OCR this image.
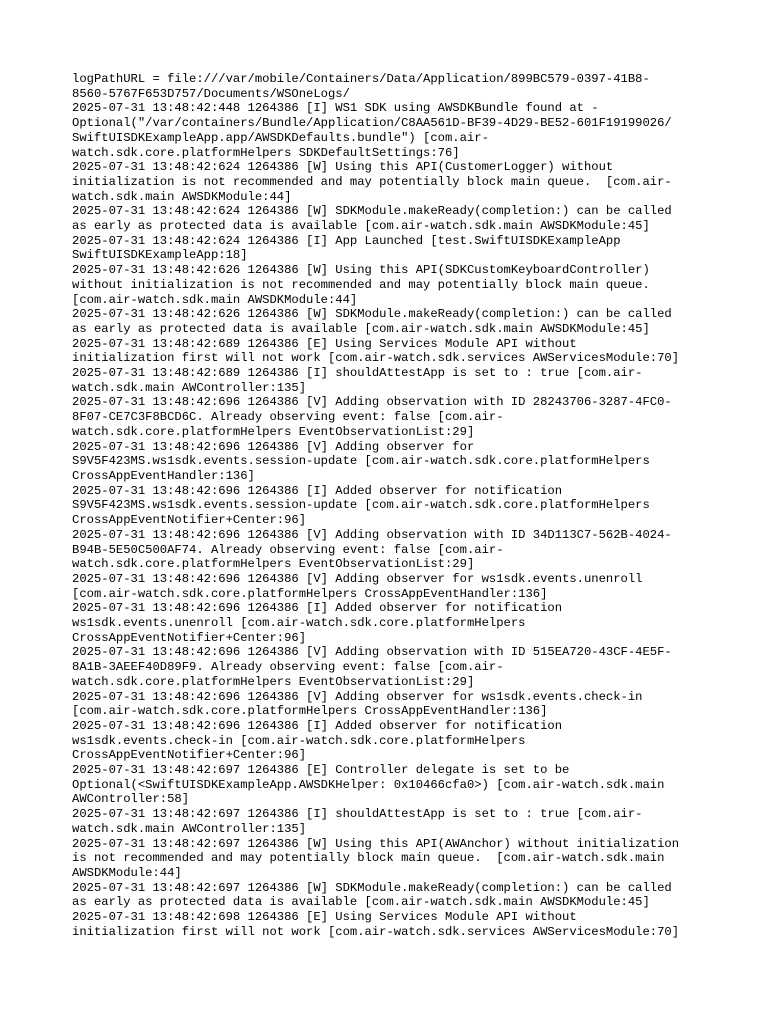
logPathURL = file:///var/mobile/Containers/Data/Application/899BC579-0397-41B8-
8560-5767F653D757/Documents/WSOneLogs/
2025-07-31 13:48:42:448 1264386 [I] WS1 SDK using AWSDKBundle found at -
Optional("/var/containers/Bundle/Application/C8AA561D-BF39-4D29-BE52-601F19199026/
SwiftUISDKExampleApp.app/AWSDKDefaults.bundle") [com.air-
watch.sdk.core.platformHelpers SDKDefaultSettings:76]
2025-07-31 13:48:42:624 1264386 [W] Using this API(CustomerLogger) without
initialization is not recommended and may potentially block main queue.  [com.air-
watch.sdk.main AWSDKModule:44]
2025-07-31 13:48:42:624 1264386 [W] SDKModule.makeReady(completion:) can be called
as early as protected data is available [com.air-watch.sdk.main AWSDKModule:45]
2025-07-31 13:48:42:624 1264386 [I] App Launched [test.SwiftUISDKExampleApp
SwiftUISDKExampleApp:18]
2025-07-31 13:48:42:626 1264386 [W] Using this API(SDKCustomKeyboardController)
without initialization is not recommended and may potentially block main queue.
[com.air-watch.sdk.main AWSDKModule:44]
2025-07-31 13:48:42:626 1264386 [W] SDKModule.makeReady(completion:) can be called
as early as protected data is available [com.air-watch.sdk.main AWSDKModule:45]
2025-07-31 13:48:42:689 1264386 [E] Using Services Module API without
initialization first will not work [com.air-watch.sdk.services AWServicesModule:70]
2025-07-31 13:48:42:689 1264386 [I] shouldAttestApp is set to : true [com.air-
watch.sdk.main AWController:135]
2025-07-31 13:48:42:696 1264386 [V] Adding observation with ID 28243706-3287-4FC0-
8F07-CE7C3F8BCD6C. Already observing event: false [com.air-
watch.sdk.core.platformHelpers EventObservationList:29]
2025-07-31 13:48:42:696 1264386 [V] Adding observer for
S9V5F423MS.ws1sdk.events.session-update [com.air-watch.sdk.core.platformHelpers
CrossAppEventHandler:136]
2025-07-31 13:48:42:696 1264386 [I] Added observer for notification
S9V5F423MS.ws1sdk.events.session-update [com.air-watch.sdk.core.platformHelpers
CrossAppEventNotifier+Center:96]
2025-07-31 13:48:42:696 1264386 [V] Adding observation with ID 34D113C7-562B-4024-
B94B-5E50C500AF74. Already observing event: false [com.air-
watch.sdk.core.platformHelpers EventObservationList:29]
2025-07-31 13:48:42:696 1264386 [V] Adding observer for ws1sdk.events.unenroll
[com.air-watch.sdk.core.platformHelpers CrossAppEventHandler:136]
2025-07-31 13:48:42:696 1264386 [I] Added observer for notification
ws1sdk.events.unenroll [com.air-watch.sdk.core.platformHelpers
CrossAppEventNotifier+Center:96]
2025-07-31 13:48:42:696 1264386 [V] Adding observation with ID 515EA720-43CF-4E5F-
8A1B-3AEEF40D89F9. Already observing event: false [com.air-
watch.sdk.core.platformHelpers EventObservationList:29]
2025-07-31 13:48:42:696 1264386 [V] Adding observer for ws1sdk.events.check-in
[com.air-watch.sdk.core.platformHelpers CrossAppEventHandler:136]
2025-07-31 13:48:42:696 1264386 [I] Added observer for notification
ws1sdk.events.check-in [com.air-watch.sdk.core.platformHelpers
CrossAppEventNotifier+Center:96]
2025-07-31 13:48:42:697 1264386 [E] Controller delegate is set to be
Optional(<SwiftUISDKExampleApp.AWSDKHelper: 0x10466cfa0>) [com.air-watch.sdk.main
AWController:58]
2025-07-31 13:48:42:697 1264386 [I] shouldAttestApp is set to : true [com.air-
watch.sdk.main AWController:135]
2025-07-31 13:48:42:697 1264386 [W] Using this API(AWAnchor) without initialization
is not recommended and may potentially block main queue.  [com.air-watch.sdk.main
AWSDKModule:44]
2025-07-31 13:48:42:697 1264386 [W] SDKModule.makeReady(completion:) can be called
as early as protected data is available [com.air-watch.sdk.main AWSDKModule:45]
2025-07-31 13:48:42:698 1264386 [E] Using Services Module API without
initialization first will not work [com.air-watch.sdk.services AWServicesModule:70]
